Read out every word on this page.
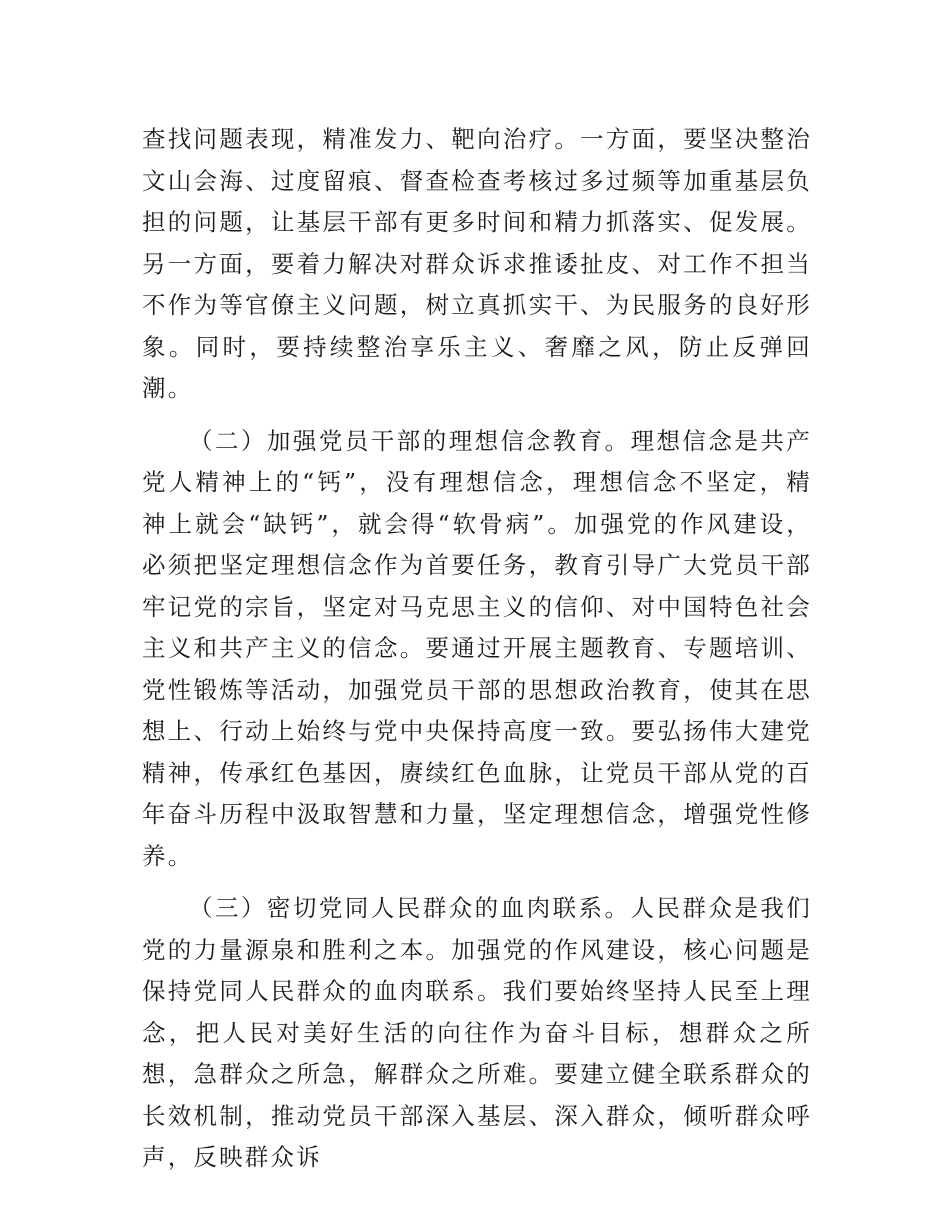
查找问题表现，精准发力、靶向治疗。一方面，要坚决整治文山会海、过度留痕、督查检查考核过多过频等加重基层负担的问题，让基层干部有更多时间和精力抓落实、促发展。另一方面，要着力解决对群众诉求推诿扯皮、对工作不担当不作为等官僚主义问题，树立真抓实干、为民服务的良好形象。同时，要持续整治享乐主义、奢靡之风，防止反弹回潮。

（二）加强党员干部的理想信念教育。理想信念是共产党人精神上的“钙”，没有理想信念，理想信念不坚定，精神上就会“缺钙”，就会得“软骨病”。加强党的作风建设，必须把坚定理想信念作为首要任务，教育引导广大党员干部牢记党的宗旨，坚定对马克思主义的信仰、对中国特色社会主义和共产主义的信念。要通过开展主题教育、专题培训、党性锻炼等活动，加强党员干部的思想政治教育，使其在思想上、行动上始终与党中央保持高度一致。要弘扬伟大建党精神，传承红色基因，赓续红色血脉，让党员干部从党的百年奋斗历程中汲取智慧和力量，坚定理想信念，增强党性修养。

（三）密切党同人民群众的血肉联系。人民群众是我们党的力量源泉和胜利之本。加强党的作风建设，核心问题是保持党同人民群众的血肉联系。我们要始终坚持人民至上理念，把人民对美好生活的向往作为奋斗目标，想群众之所想，急群众之所急，解群众之所难。要建立健全联系群众的长效机制，推动党员干部深入基层、深入群众，倾听群众呼声，反映群众诉
